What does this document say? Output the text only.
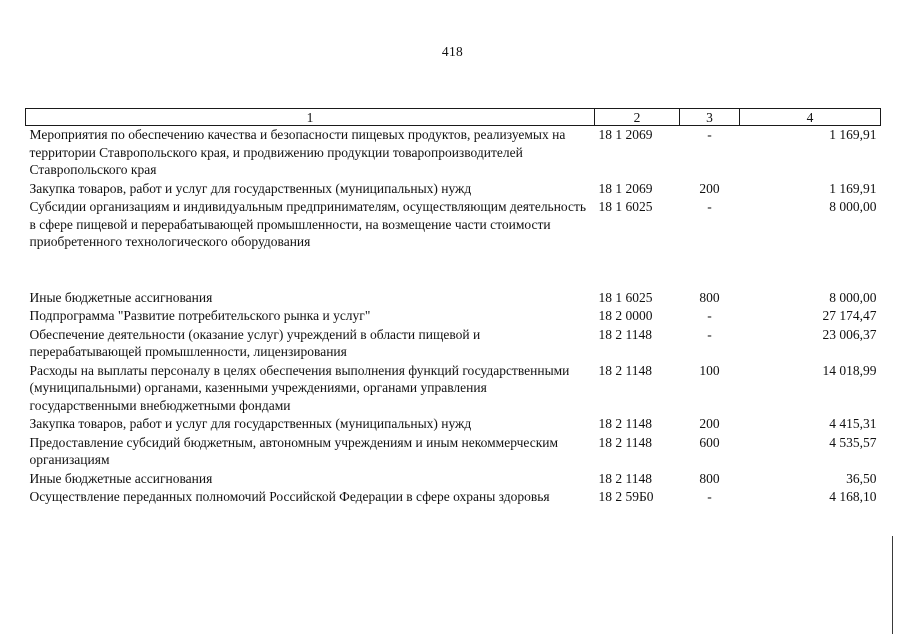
418
1	2	3	4
Мероприятия по обеспечению качества и безопасности пищевых продуктов, реализуемых на территории Ставропольского края, и продвижению продукции товаропроизводителей Ставропольского края	18 1 2069	-	1 169,91
Закупка товаров, работ и услуг для государственных (муниципальных) нужд	18 1 2069	200	1 169,91
Субсидии организациям и индивидуальным предпринимателям, осуществляющим деятельность в сфере пищевой и перерабатывающей промышленности, на возмещение части стоимости приобретенного технологического оборудования	18 1 6025	-	8 000,00

Иные бюджетные ассигнования	18 1 6025	800	8 000,00
Подпрограмма "Развитие потребительского рынка и услуг"	18 2 0000	-	27 174,47
Обеспечение деятельности (оказание услуг) учреждений в области пищевой и перерабатывающей промышленности, лицензирования	18 2 1148	-	23 006,37
Расходы на выплаты персоналу в целях обеспечения выполнения функций государственными (муниципальными) органами, казенными учреждениями, органами управления государственными внебюджетными фондами	18 2 1148	100	14 018,99
Закупка товаров, работ и услуг для государственных (муниципальных) нужд	18 2 1148	200	4 415,31
Предоставление субсидий бюджетным, автономным учреждениям и иным некоммерческим организациям	18 2 1148	600	4 535,57
Иные бюджетные ассигнования	18 2 1148	800	36,50
Осуществление переданных полномочий Российской Федерации в сфере охраны здоровья	18 2 59Б0	-	4 168,10
